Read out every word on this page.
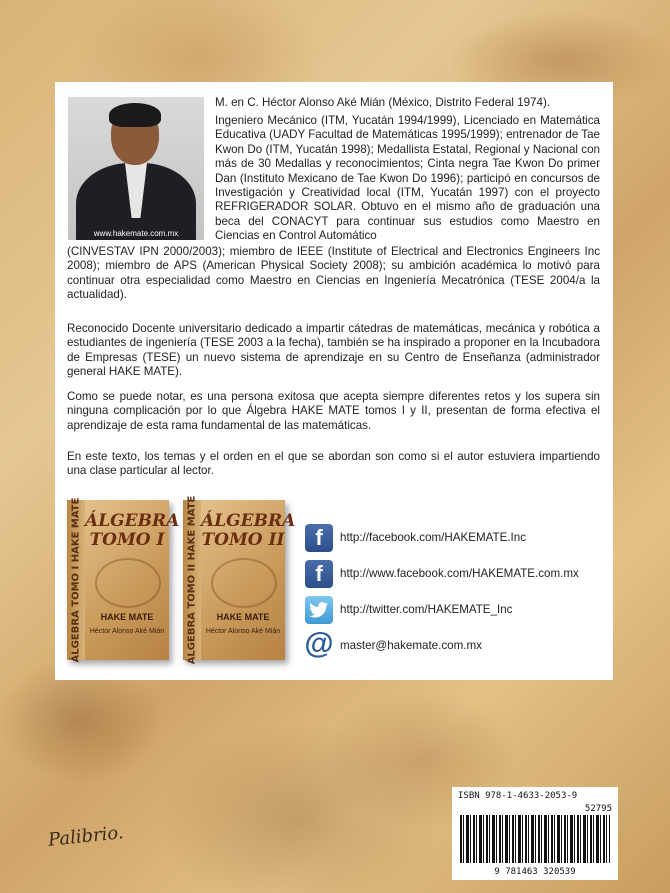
www.hakemate.com.mx
M. en C. Héctor Alonso Aké Mián (México, Distrito Federal 1974).
Ingeniero Mecánico (ITM, Yucatán 1994/1999), Licenciado en Matemática Educativa (UADY Facultad de Matemáticas 1995/1999); entrenador de Tae Kwon Do (ITM, Yucatán 1998); Medallista Estatal, Regional y Nacional con más de 30 Medallas y reconocimientos; Cinta negra Tae Kwon Do primer Dan (Instituto Mexicano de Tae Kwon Do 1996); participó en concursos de Investigación y Creatividad local (ITM, Yucatán 1997) con el proyecto REFRIGERADOR SOLAR. Obtuvo en el mismo año de graduación una beca del CONACYT para continuar sus estudios como Maestro en Ciencias en Control Automático
(CINVESTAV IPN 2000/2003); miembro de IEEE (Institute of Electrical and Electronics Engineers Inc 2008); miembro de APS (American Physical Society 2008); su ambición académica lo motivó para continuar otra especialidad como Maestro en Ciencias en Ingeniería Mecatrónica (TESE 2004/a la actualidad).
Reconocido Docente universitario dedicado a impartir cátedras de matemáticas, mecánica y robótica a estudiantes de ingeniería (TESE 2003 a la fecha), también se ha inspirado a proponer en la Incubadora de Empresas (TESE) un nuevo sistema de aprendizaje en su Centro de Enseñanza (administrador general HAKE MATE).
Como se puede notar, es una persona exitosa que acepta siempre diferentes retos y los supera sin ninguna complicación por lo que Álgebra HAKE MATE tomos I y II, presentan de forma efectiva el aprendizaje de esta rama fundamental de las matemáticas.
En este texto, los temas y el orden en el que se abordan son como si el autor estuviera impartiendo una clase particular al lector.
ÁLGEBRA TOMO I HAKE MATE ÁLGEBRA
TOMO I
HAKE MATE
Héctor Alonso Aké Mián	ÁLGEBRA TOMO II HAKE MATE ÁLGEBRA
TOMO II
HAKE MATE
Héctor Alonso Aké Mián
f	http://facebook.com/HAKEMATE.Inc
f	http://www.facebook.com/HAKEMATE.com.mx
http://twitter.com/HAKEMATE_Inc
@ master@hakemate.com.mx
ISBN 978-1-4633-2053-9
52795
9 781463 320539
Palibrio.
